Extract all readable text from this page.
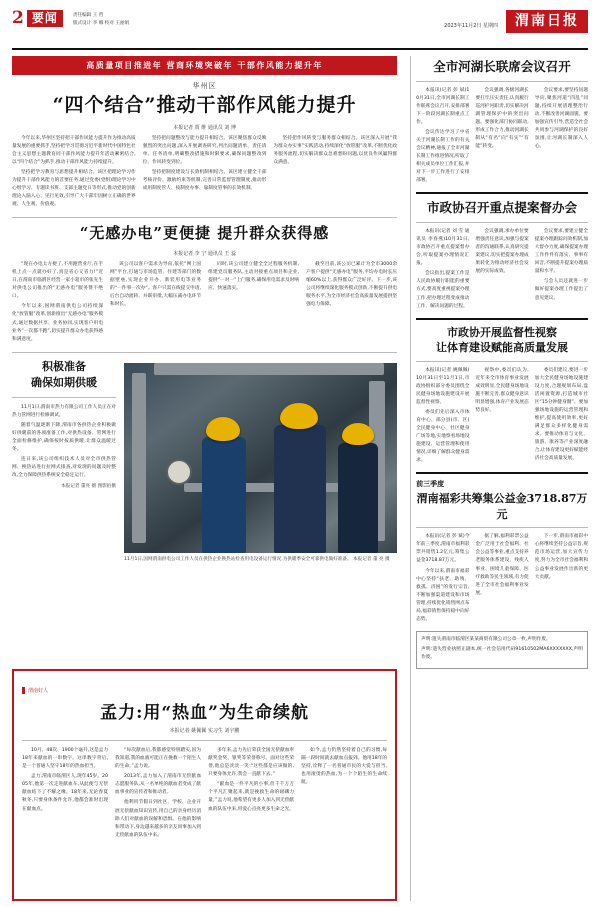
2 要闻	责任编辑 王 哲
版式设计 李 娜 校对 王丽娟	2023年11月2日 星期四	渭南日报
高质量项目推进年 营商环境突破年 干部作风能力提升年
华州区
“四个结合”推动干部作风能力提升
本报记者 贾 维 通讯员 刘 博

今年以来,华州区坚持把干部作风能力提升作为推动高质量发展的重要抓手,坚持把学习贯彻习近平新时代中国特色社会主义思想主题教育同干部作风能力提升年活动紧密结合,以“四个结合”为抓手,推动干部作风能力持续提升。

坚持把学习教育与思想提升相结合。该区把理论学习作为提升干部作风能力的首要任务,通过党委(党组)理论学习中心组学习、专题读书班、支部主题党日等形式,推动党的创新理论入脑入心、见行见效,引导广大干部牢固树立正确的世界观、人生观、价值观。

坚持把问题整改与能力提升相结合。该区聚焦群众反映强烈的突出问题,深入开展调查研究,列出问题清单、责任清单、任务清单,明确整改措施和时限要求,确保问题整改到位、作风转变到位。

坚持把制度建设与长效机制相结合。该区建立健全干部考核评价、激励约束等机制,完善日常监督管理制度,推动形成用制度管人、按制度办事、靠制度管事的长效机制。

坚持把作风转变与服务群众相结合。该区深入开展“我为群众办实事”实践活动,持续深化“放管服”改革,不断优化政务服务流程,切实解决群众急难愁盼问题,以优良作风赢得群众满意。

“无感办电”更便捷 提升群众获得感
本报记者 李 宁 通讯员 王 蕊

“现在办电太方便了,不用跑营业厅,在手机上点一点就办好了,真是省心又省力!”近日,在渭南市临渭区经营一家小超市的张先生对供电公司推出的“无感办电”服务赞不绝口。

今年以来,国网渭南供电公司持续深化“放管服”改革,创新推出“无感办电”服务模式,通过数据共享、业务协同,实现客户用电业务“一次都不跑”,切实提升群众办电获得感和满意度。

该公司以客户需求为导向,依托“网上国网”平台,打通与市场监管、住建等部门的数据壁垒,实现企业开办、新装用电等业务的“一件事一次办”。客户只需在线提交申请,后台自动流转、并联审批,大幅压减办电环节和时长。

同时,该公司建立健全全过程服务机制,组建党员服务队,主动对接重点项目和企业,提供“一对一”上门服务,确保用电需求及时响应、快速落实。

截至目前,该公司已累计为全市3000余户客户提供“无感办电”服务,平均办电时长压缩60%以上,获得群众广泛好评。下一步,该公司将继续深化服务模式创新,不断提升供电服务水平,为全市经济社会高质量发展提供坚强电力保障。

积极准备
确保如期供暖

11月1日,渭南市热力有限公司工作人员正在对热力管网进行检修调试。

随着气温逐渐下降,渭南市各供热企业积极做好供暖前的各项准备工作,对供热设备、管网进行全面检修维护,确保按时按质供暖,让群众温暖过冬。

连日来,该公司组织技术人员对全市供热管网、换热站进行拉网式排查,对发现的问题及时整改,全力保障供热系统安全稳定运行。

本报记者 董亮 摄 图影拍摄
11月1日,国网渭南供电公司工作人员在供热企业换热站检查用电设备运行情况,为供暖季安全可靠供电做好准备。 本报记者 董 亮 摄
渭南好人
孟力:用“热血”为生命续航
本报记者 姚佩佩 实习生 刘宇鹏

10月、48次、1900个毫升,这是孟力18年来献血的一串数字。这串数字背后,是一个普通人坚守18年的热血担当。

孟力,渭南市临渭区人,现年45岁。2005年,他第一次走进献血车,从此便与无偿献血结下了不解之缘。18年来,无论春夏秋冬,只要身体条件允许,他都会准时出现在献血点。

“每次献血后,我都感觉特别踏实,因为我知道,我的血液可能正在挽救一个陌生人的生命。”孟力说。

2013年,孟力加入了渭南市无偿献血志愿服务队,从一名单纯的献血者变成了献血事业的宣传者和推动者。

他利用节假日到社区、学校、企业开展无偿献血知识宣传,用自己的亲身经历消除人们对献血的误解和恐惧。在他的影响和带动下,身边越来越多的亲友同事加入到无偿献血的队伍中来。

多年来,孟力先后荣获全国无偿献血奉献奖金奖、银奖等荣誉称号。面对这些荣誉,他总是淡淡一笑:“这些都是应该做的,只要身体允许,我会一直献下去。”

“献血是一件平凡的小事,但千千万万个平凡汇聚起来,就是挽救生命的磅礴力量。”孟力说,他希望有更多人加入到无偿献血的队伍中来,用爱心点亮更多生命之光。

如今,孟力仍然坚持着自己的习惯,每隔一段时间就去献血点报到。他用18年的坚持,诠释了一名普通市民的大爱与担当,也用滚烫的热血,为一个个陌生的生命续航。

全市河湖长联席会议召开

本报讯(记者 彭 斌)10月31日,全市河湖长制工作联席会议召开,安排部署下一阶段河湖长制重点工作。

会议传达学习了中省关于河湖长制工作的有关会议精神,通报了全市河湖长制工作推进情况,听取了相关成员单位工作汇报,并对下一步工作进行了安排部署。

会议强调,各级河湖长要扛牢压实责任,认真履行巡河护河职责,切实解决河湖管理保护中的突出问题。要强化部门协同联动,形成工作合力,推动河湖长制从“有名”向“有实”“有能”转变。

会议要求,要坚持问题导向,聚焦河道“四乱”问题,持续开展清理整治行动,不断改善河湖面貌。要加强宣传引导,营造全社会共同参与河湖保护的良好氛围,让河湖长制深入人心。

市政协召开重点提案督办会

本报讯(记者 刘 雪 通讯员 李春燕)10月31日,市政协召开重点提案督办会,听取提案办理情况汇报。

会议指出,提案工作是人民政协履行职能的重要方式,要高度重视提案办理工作,把办理过程变成推动工作、解决问题的过程。

会议强调,承办单位要增强责任意识,加强与提案者的沟通联系,认真研究提案建议,切实把提案办理成果转化为推动经济社会发展的实际成效。

会议要求,要建立健全提案办理跟踪问效机制,加大督办力度,确保提案办理工作件件有落实、事事有回音,不断提升提案办理质量和水平。

与会人员还就进一步做好提案办理工作提出了意见建议。

市政协开展监督性视察
让体育建设赋能高质量发展

本报讯(记者 姚佩佩)10月31日至11月1日,市政协组织部分委员围绕全民健身场地设施建设开展监督性视察。

委员们先后深入市体育中心、部分县(市、区)全民健身中心、社区健身广场等地,实地察看场地设施建设、运营管理和使用情况,详细了解群众健身需求。

视察中,委员们认为,近年来全市体育事业发展成效明显,全民健身场地设施不断完善,群众健身意识明显增强,体育产业发展态势良好。

委员们建议,要进一步加大全民健身场地设施建设力度,合理规划布局,盘活闲置资源,打造城市社区“15分钟健身圈”。要加强场地设施的运营管理和维护,提高使用效率,更好满足群众多样化健身需求。要推动体育与文化、旅游、康养等产业深度融合,让体育建设更好赋能经济社会高质量发展。

前三季度
渭南福彩共筹集公益金3718.87万元

本报讯(记者 彭 斌)今年前三季度,渭南市福利彩票共销售1.2亿元,筹集公益金3718.87万元。

今年以来,渭南市福彩中心坚持“扶老、助残、救孤、济困”的发行宗旨,不断加强渠道建设和市场管理,持续优化销售网点布局,福彩销售保持稳中向好态势。

据了解,福利彩票公益金广泛用于社会福利、社会公益等事业,重点支持养老服务体系建设、残疾人事业、困境儿童保障、医疗救助等民生领域,有力促进了全市社会福利事业发展。

下一步,渭南市福彩中心将继续坚持公益宗旨,规范市场运营,加大宣传力度,努力为全市社会福利和公益事业发展作出新的更大贡献。

声明:遗失渭南市临渭区某某商贸有限公司公章一枚,声明作废。

声明:遗失营业执照正副本,统一社会信用代码91610502MA6XXXXXXX,声明作废。
